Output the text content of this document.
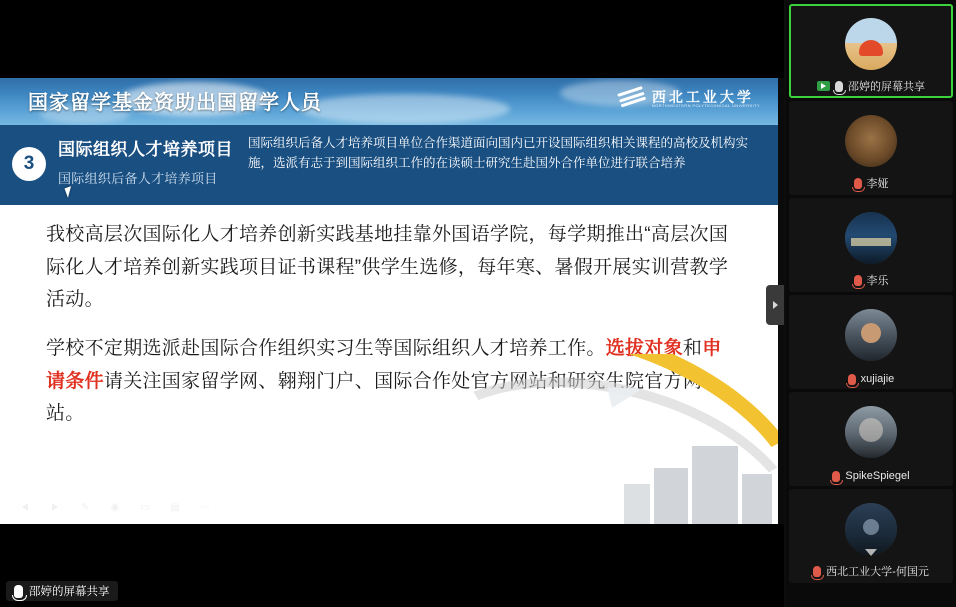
国家留学基金资助出国留学人员	西北工业大学
NORTHWESTERN POLYTECHNICAL UNIVERSITY
3
国际组织人才培养项目
国际组织后备人才培养项目
国际组织后备人才培养项目单位合作渠道面向国内已开设国际组织相关课程的高校及机构实施，选派有志于到国际组织工作的在读硕士研究生赴国外合作单位进行联合培养

我校高层次国际化人才培养创新实践基地挂靠外国语学院，每学期推出“高层次国际化人才培养创新实践项目证书课程”供学生选修，每年寒、暑假开展实训营教学活动。

学校不定期选派赴国际合作组织实习生等国际组织人才培养工作。选拔对象和申请条件请关注国家留学网、翱翔门户、国际合作处官方网站和研究生院官方网站。

✎	◉	▭	▤	⋯
邵婷的屏幕共享
邵婷的屏幕共享
李娅
李乐
xujiajie
SpikeSpiegel
西北工业大学-何国元
